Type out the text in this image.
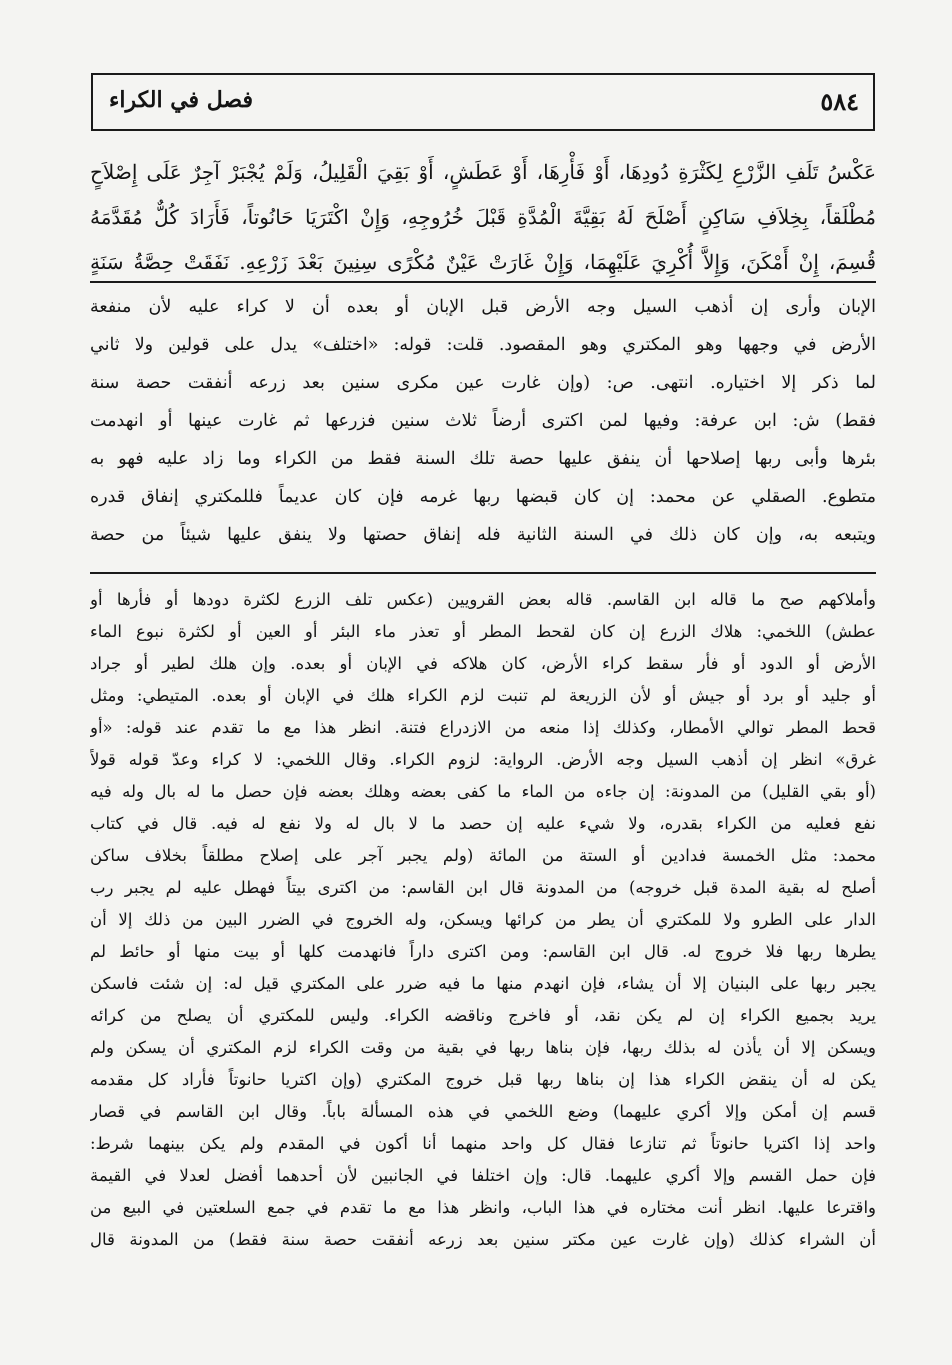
٥٨٤
فصل في الكراء
عَكْسُ تَلَفِ الزَّرْعِ لِكَثْرَةِ دُودِهَا، أَوْ فَأْرِهَا، أَوْ عَطَشٍ، أَوْ بَقِيَ الْقَلِيلُ، وَلَمْ يُجْبَرْ آجِرٌ عَلَى إِصْلاَحٍ
مُطْلَقاً، بِخِلاَفِ سَاكِنٍ أَصْلَحَ لَهُ بَقِيَّةَ الْمُدَّةِ قَبْلَ خُرُوجِهِ، وَإِنْ اكْتَرَيَا حَانُوتاً، فَأَرَادَ كُلٌّ مُقَدَّمَهُ
قُسِمَ، إِنْ أَمْكَنَ، وَإِلاَّ أُكْرِيَ عَلَيْهِمَا، وَإِنْ غَارَتْ عَيْنٌ مُكْرًى سِنِينَ بَعْدَ زَرْعِهِ. نَفَقَتْ حِصَّةُ سَنَةٍ
الإبان وأرى إن أذهب السيل وجه الأرض قبل الإبان أو بعده أن لا كراء عليه لأن منفعة
الأرض في وجهها وهو المكتري وهو المقصود. قلت: قوله: «اختلف» يدل على قولين ولا ثاني
لما ذكر إلا اختياره. انتهى. ص: (وإن غارت عين مكرى سنين بعد زرعه أنفقت حصة سنة
فقط) ش: ابن عرفة: وفيها لمن اكترى أرضاً ثلاث سنين فزرعها ثم غارت عينها أو انهدمت
بئرها وأبى ربها إصلاحها أن ينفق عليها حصة تلك السنة فقط من الكراء وما زاد عليه فهو به
متطوع. الصقلي عن محمد: إن كان قبضها ربها غرمه فإن كان عديماً فللمكتري إنفاق قدره
ويتبعه به، وإن كان ذلك في السنة الثانية فله إنفاق حصتها ولا ينفق عليها شيئاً من حصة
وأملاكهم صح ما قاله ابن القاسم. قاله بعض القرويين (عكس تلف الزرع لكثرة دودها أو فأرها أو
عطش) اللخمي: هلاك الزرع إن كان لقحط المطر أو تعذر ماء البئر أو العين أو لكثرة نبوع الماء
الأرض أو الدود أو فأر سقط كراء الأرض، كان هلاكه في الإبان أو بعده. وإن هلك لطير أو جراد
أو جليد أو برد أو جيش أو لأن الزريعة لم تنبت لزم الكراء هلك في الإبان أو بعده. المتيطي: ومثل
قحط المطر توالي الأمطار، وكذلك إذا منعه من الازدراع فتنة. انظر هذا مع ما تقدم عند قوله: «أو
غرق» انظر إن أذهب السيل وجه الأرض. الرواية: لزوم الكراء. وقال اللخمي: لا كراء وعدّ قوله قولاً
(أو بقي القليل) من المدونة: إن جاءه من الماء ما كفى بعضه وهلك بعضه فإن حصل ما له بال وله فيه
نفع فعليه من الكراء بقدره، ولا شيء عليه إن حصد ما لا بال له ولا نفع له فيه. قال في كتاب
محمد: مثل الخمسة فدادين أو الستة من المائة (ولم يجبر آجر على إصلاح مطلقاً بخلاف ساكن
أصلح له بقية المدة قبل خروجه) من المدونة قال ابن القاسم: من اكترى بيتاً فهطل عليه لم يجبر رب
الدار على الطرو ولا للمكتري أن يطر من كرائها ويسكن، وله الخروج في الضرر البين من ذلك إلا أن
يطرها ربها فلا خروج له. قال ابن القاسم: ومن اكترى داراً فانهدمت كلها أو بيت منها أو حائط لم
يجبر ربها على البنيان إلا أن يشاء، فإن انهدم منها ما فيه ضرر على المكتري قيل له: إن شئت فاسكن
يريد بجميع الكراء إن لم يكن نقد، أو فاخرج وناقضه الكراء. وليس للمكتري أن يصلح من كرائه
ويسكن إلا أن يأذن له بذلك ربها، فإن بناها ربها في بقية من وقت الكراء لزم المكتري أن يسكن ولم
يكن له أن ينقض الكراء هذا إن بناها ربها قبل خروج المكتري (وإن اكتريا حانوتاً فأراد كل مقدمه
قسم إن أمكن وإلا أكري عليهما) وضع اللخمي في هذه المسألة باباً. وقال ابن القاسم في قصار
واحد إذا اكتريا حانوتاً ثم تنازعا فقال كل واحد منهما أنا أكون في المقدم ولم يكن بينهما شرط:
فإن حمل القسم وإلا أكري عليهما. قال: وإن اختلفا في الجانبين لأن أحدهما أفضل لعدلا في القيمة
واقترعا عليها. انظر أنت مختاره في هذا الباب، وانظر هذا مع ما تقدم في جمع السلعتين في البيع من
أن الشراء كذلك (وإن غارت عين مكتر سنين بعد زرعه أنفقت حصة سنة فقط) من المدونة قال
